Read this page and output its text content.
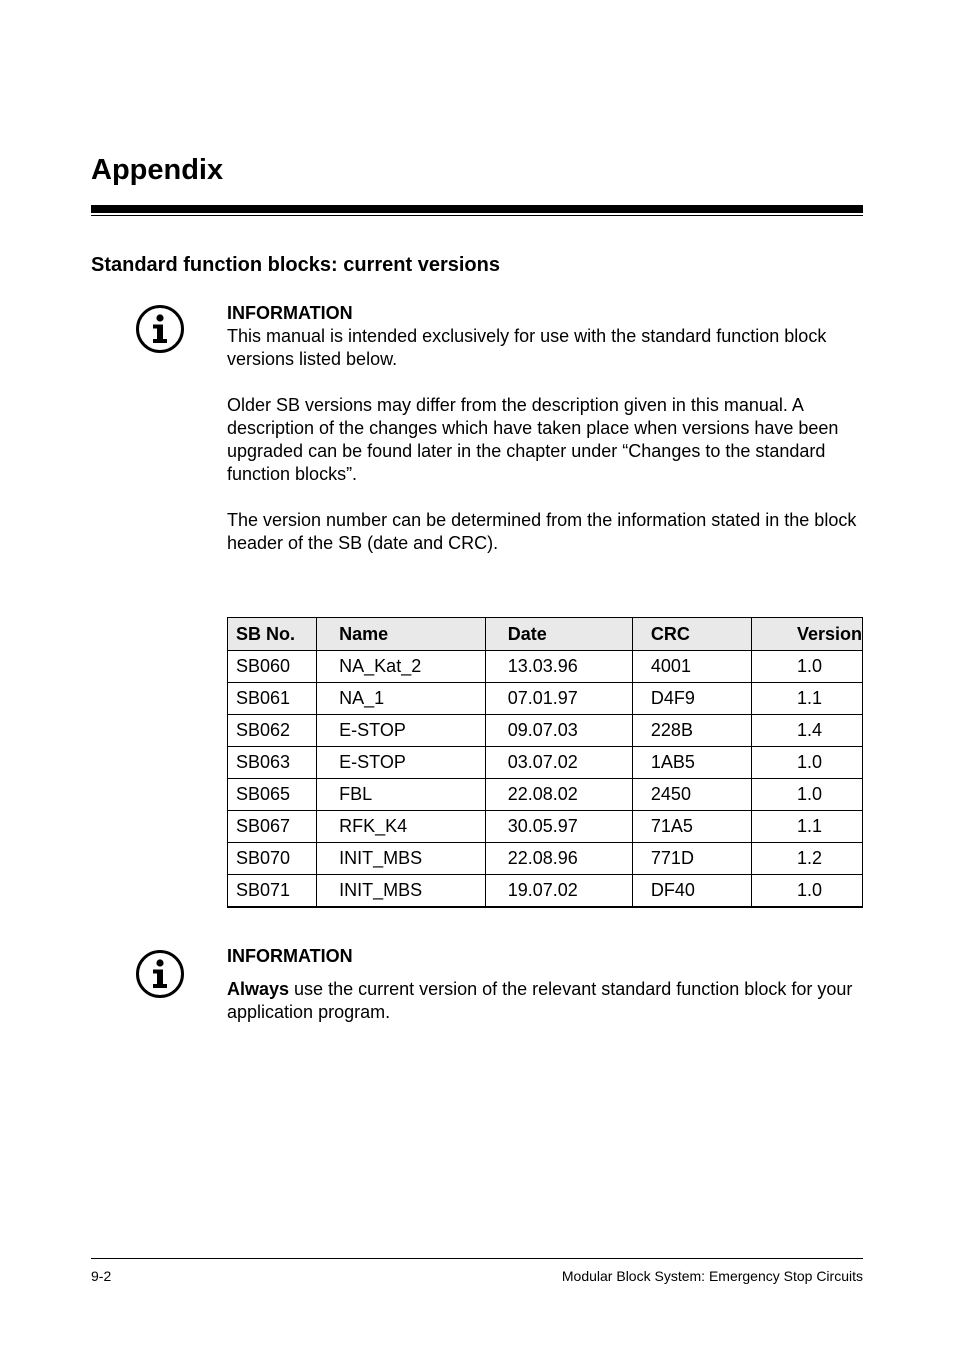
Appendix
Standard function blocks: current versions
INFORMATION

This manual is intended exclusively for use with the standard function block versions listed below.

Older SB versions may differ from the description given in this manual. A description of the changes which have taken place when versions have been upgraded can be found later in the chapter under “Changes to the standard function blocks”.

The version number can be determined from the information stated in the block header of the SB (date and CRC).

SB No.	Name	Date	CRC	Version
SB060	NA_Kat_2	13.03.96	4001	1.0
SB061	NA_1	07.01.97	D4F9	1.1
SB062	E-STOP	09.07.03	228B	1.4
SB063	E-STOP	03.07.02	1AB5	1.0
SB065	FBL	22.08.02	2450	1.0
SB067	RFK_K4	30.05.97	71A5	1.1
SB070	INIT_MBS	22.08.96	771D	1.2
SB071	INIT_MBS	19.07.02	DF40	1.0
INFORMATION

Always use the current version of the relevant standard function block for your application program.

9-2	Modular Block System: Emergency Stop Circuits
